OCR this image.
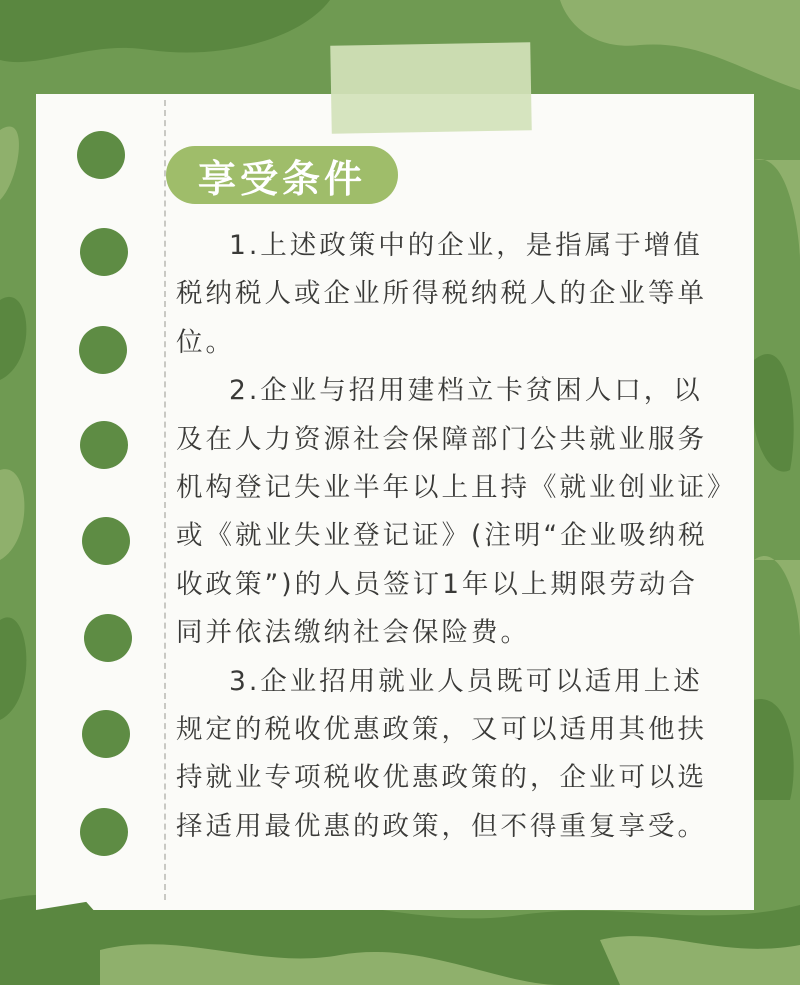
享受条件

1.上述政策中的企业，是指属于增值税纳税人或企业所得税纳税人的企业等单位。

2.企业与招用建档立卡贫困人口，以及在人力资源社会保障部门公共就业服务机构登记失业半年以上且持《就业创业证》或《就业失业登记证》(注明“企业吸纳税收政策”)的人员签订1年以上期限劳动合同并依法缴纳社会保险费。

3.企业招用就业人员既可以适用上述规定的税收优惠政策，又可以适用其他扶持就业专项税收优惠政策的，企业可以选择适用最优惠的政策，但不得重复享受。
